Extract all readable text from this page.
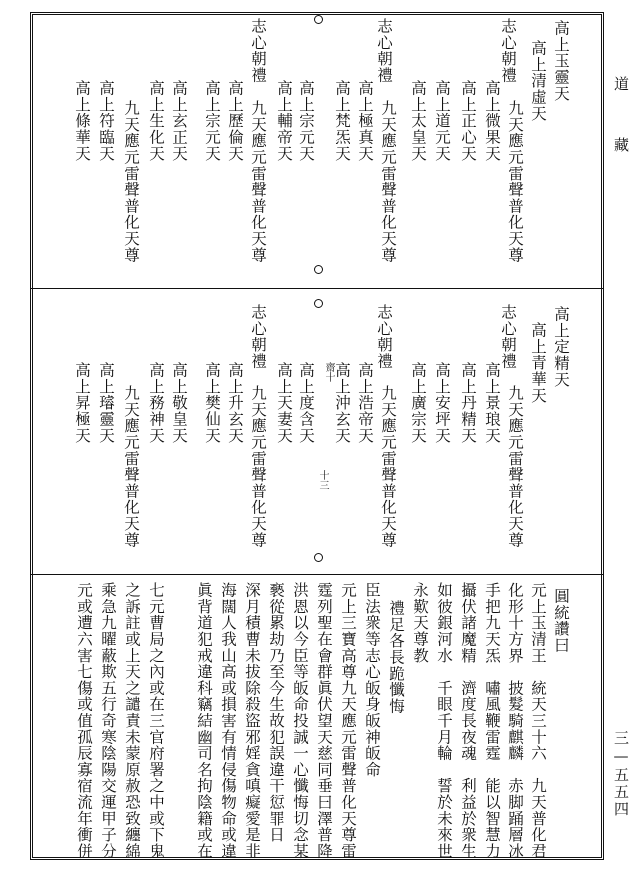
道 藏
三—五五四
高上玉靈天
高上清虛天
九天應元雷聲普化天尊
高上微果天
高上正心天
志心朝禮
高上道元天
高上太皇天
九天應元雷聲普化天尊
高上極真天
高上梵炁天
志心朝禮
高上宗元天
高上輔帝天
九天應元雷聲普化天尊
高上歷倫天
高上宗元天
志心朝禮
高上玄正天
高上生化天
九天應元雷聲普化天尊
高上符臨天
高上條華天
十三
高上定精天
高上青華天
九天應元雷聲普化天尊
高上景琅天
高上丹精天
志心朝禮
高上安坪天
高上廣宗天
九天應元雷聲普化天尊
高上浩帝天
高上沖玄天
齋十
志心朝禮
高上度含天
高上天妻天
九天應元雷聲普化天尊
高上升玄天
高上樊仙天
志心朝禮
高上敬皇天
高上務神天
九天應元雷聲普化天尊
高上璿靈天
高上昇極天
圓統讚曰
元上玉清王　統天三十六　九天普化君
化形十方界　披髮騎麒麟　赤脚踊層冰
手把九天炁　嘯風鞭雷霆　能以智慧力
攝伏諸魔精　濟度長夜魂　利益於衆生
如彼銀河水　千眼千月輪　誓於未來世
永歎天尊教
禮足各長跪懺悔
臣法衆等志心皈身皈神皈命
元上三寶高尊九天應元雷聲普化天尊雷
霆列聖在會群眞伏望天慈同垂曰澤普降
洪恩以今臣等皈命投誠一心懺悔切念某
褻從累劫乃至今生故犯誤違干愆罪日
深月積曹未拔除殺盜邪婬貪嗔癡愛是非
海闊人我山高或損害有情侵傷物命或違
眞背道犯戒違科竊結幽司名拘陰籍或在
七元曹局之內或在三官府署之中或下鬼
之訴註或上天之譴責未蒙原赦恐致纏綿
乘急九曜蔽欺五行奇寒陰陽交運甲子分
元或遭六害七傷或值孤辰寡宿流年衝併
